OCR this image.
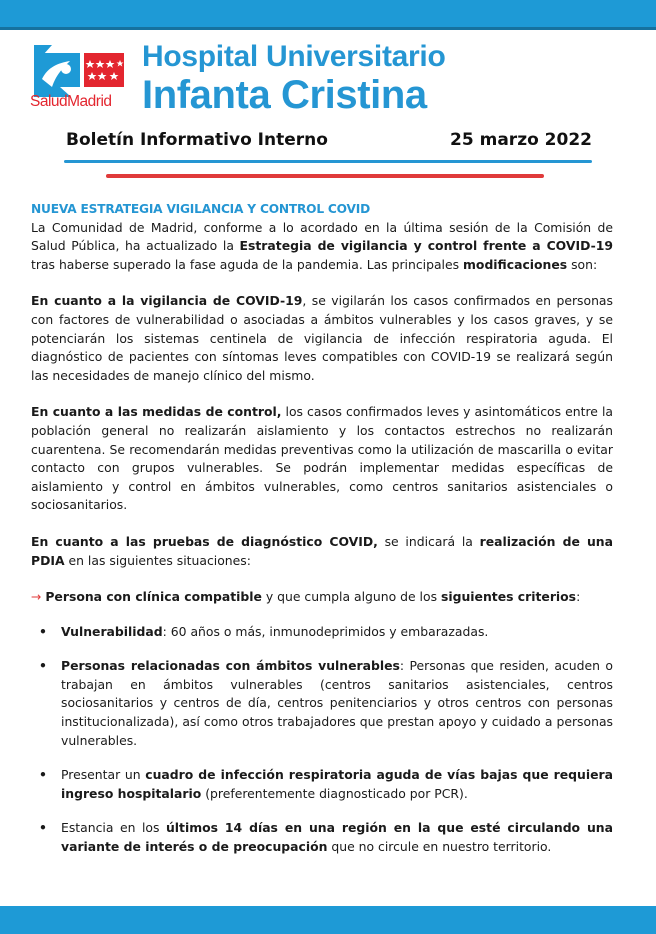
SaludMadrid
Hospital Universitario
Infanta Cristina
Boletín Informativo Interno	25 marzo 2022
NUEVA ESTRATEGIA VIGILANCIA Y CONTROL COVID

La Comunidad de Madrid, conforme a lo acordado en la última sesión de la Comisión de Salud Pública, ha actualizado la Estrategia de vigilancia y control frente a COVID-19 tras haberse superado la fase aguda de la pandemia. Las principales modificaciones son:

En cuanto a la vigilancia de COVID-19, se vigilarán los casos confirmados en personas con factores de vulnerabilidad o asociadas a ámbitos vulnerables y los casos graves, y se potenciarán los sistemas centinela de vigilancia de infección respiratoria aguda. El diagnóstico de pacientes con síntomas leves compatibles con COVID-19 se realizará según las necesidades de manejo clínico del mismo.

En cuanto a las medidas de control, los casos confirmados leves y asintomáticos entre la población general no realizarán aislamiento y los contactos estrechos no realizarán cuarentena. Se recomendarán medidas preventivas como la utilización de mascarilla o evitar contacto con grupos vulnerables. Se podrán implementar medidas específicas de aislamiento y control en ámbitos vulnerables, como centros sanitarios asistenciales o sociosanitarios.

En cuanto a las pruebas de diagnóstico COVID, se indicará la realización de una PDIA en las siguientes situaciones:

→ Persona con clínica compatible y que cumpla alguno de los siguientes criterios:

•	Vulnerabilidad: 60 años o más, inmunodeprimidos y embarazadas.
•	Personas relacionadas con ámbitos vulnerables: Personas que residen, acuden o trabajan en ámbitos vulnerables (centros sanitarios asistenciales, centros sociosanitarios y centros de día, centros penitenciarios y otros centros con personas institucionalizada), así como otros trabajadores que prestan apoyo y cuidado a personas vulnerables.
•	Presentar un cuadro de infección respiratoria aguda de vías bajas que requiera ingreso hospitalario (preferentemente diagnosticado por PCR).
•	Estancia en los últimos 14 días en una región en la que esté circulando una variante de interés o de preocupación que no circule en nuestro territorio.
